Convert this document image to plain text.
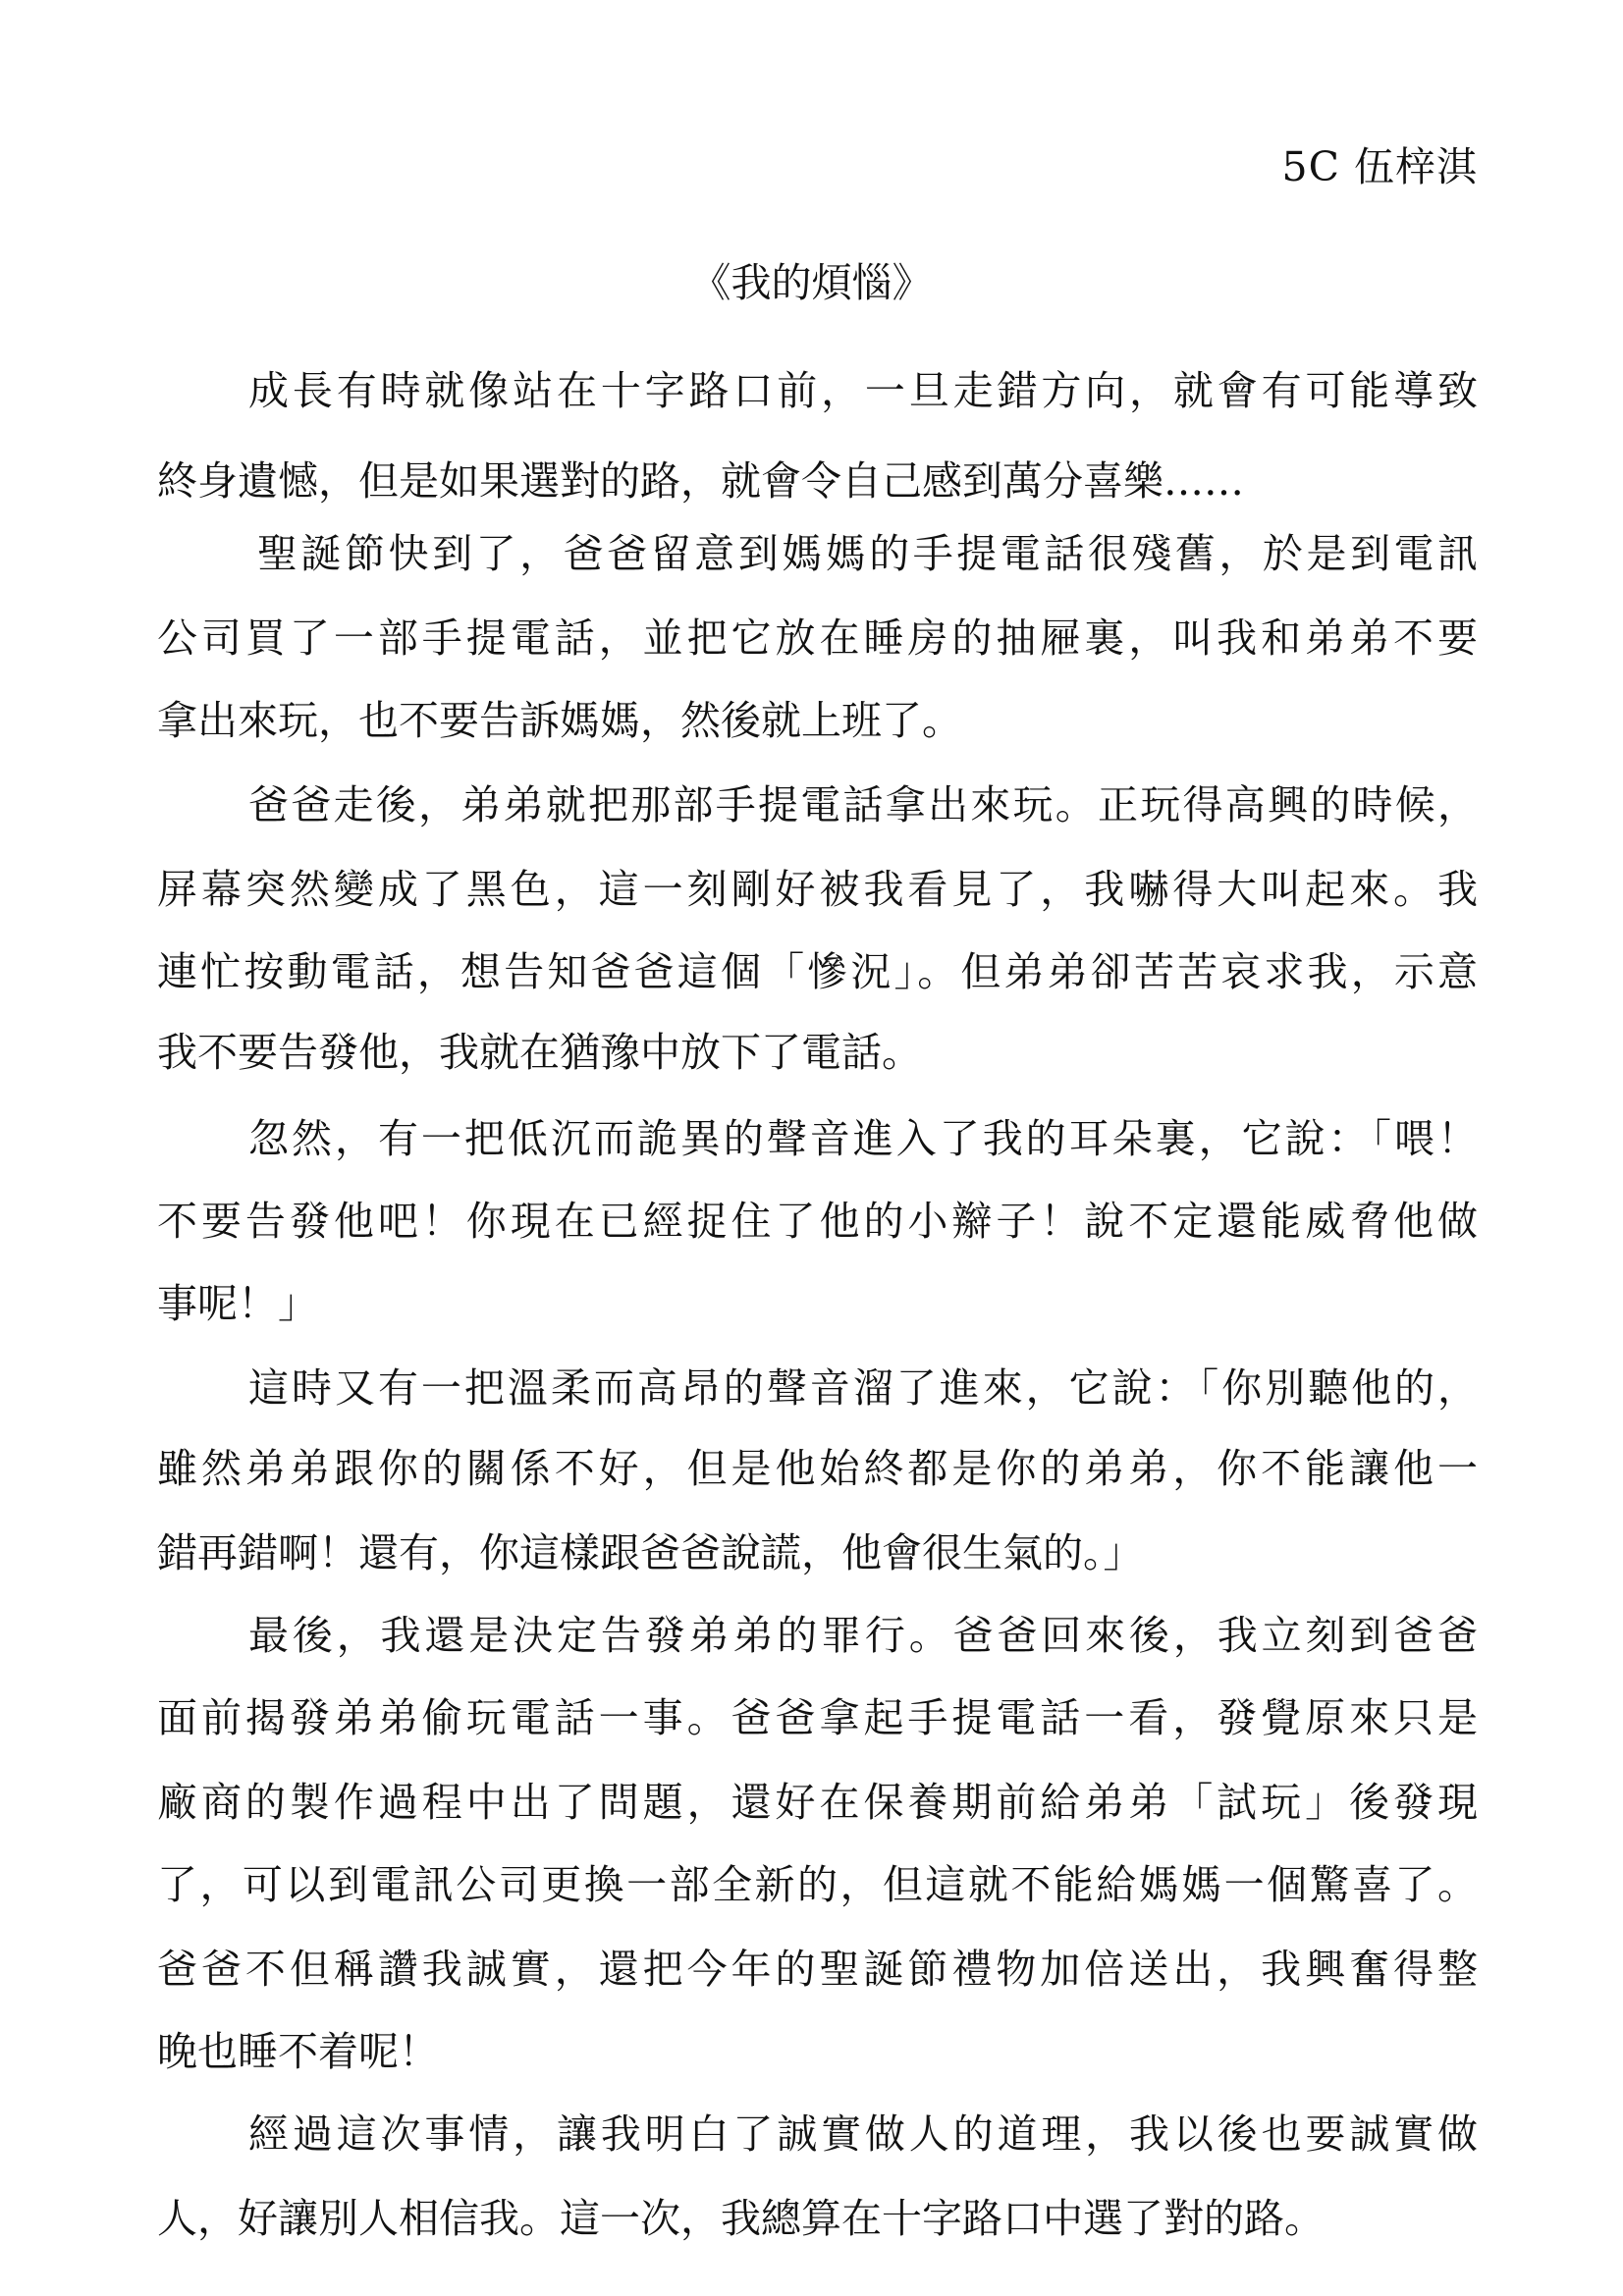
5C 伍梓淇
《我的煩惱》
成長有時就像站在十字路口前，一旦走錯方向，就會有可能導致
終身遺憾，但是如果選對的路，就會令自己感到萬分喜樂……
聖誕節快到了，爸爸留意到媽媽的手提電話很殘舊，於是到電訊
公司買了一部手提電話，並把它放在睡房的抽屜裏，叫我和弟弟不要
拿出來玩，也不要告訴媽媽，然後就上班了。
爸爸走後，弟弟就把那部手提電話拿出來玩。正玩得高興的時候，
屏幕突然變成了黑色，這一刻剛好被我看見了，我嚇得大叫起來。我
連忙按動電話，想告知爸爸這個「慘況」。但弟弟卻苦苦哀求我，示意
我不要告發他，我就在猶豫中放下了電話。
忽然，有一把低沉而詭異的聲音進入了我的耳朵裏，它說：「喂！
不要告發他吧！你現在已經捉住了他的小辮子！說不定還能威脅他做
事呢！」
這時又有一把溫柔而高昂的聲音溜了進來，它說：「你別聽他的，
雖然弟弟跟你的關係不好，但是他始終都是你的弟弟，你不能讓他一
錯再錯啊！還有，你這樣跟爸爸說謊，他會很生氣的。」
最後，我還是決定告發弟弟的罪行。爸爸回來後，我立刻到爸爸
面前揭發弟弟偷玩電話一事。爸爸拿起手提電話一看，發覺原來只是
廠商的製作過程中出了問題，還好在保養期前給弟弟「試玩」後發現
了，可以到電訊公司更換一部全新的，但這就不能給媽媽一個驚喜了。
爸爸不但稱讚我誠實，還把今年的聖誕節禮物加倍送出，我興奮得整
晚也睡不着呢！
經過這次事情，讓我明白了誠實做人的道理，我以後也要誠實做
人，好讓別人相信我。這一次，我總算在十字路口中選了對的路。
